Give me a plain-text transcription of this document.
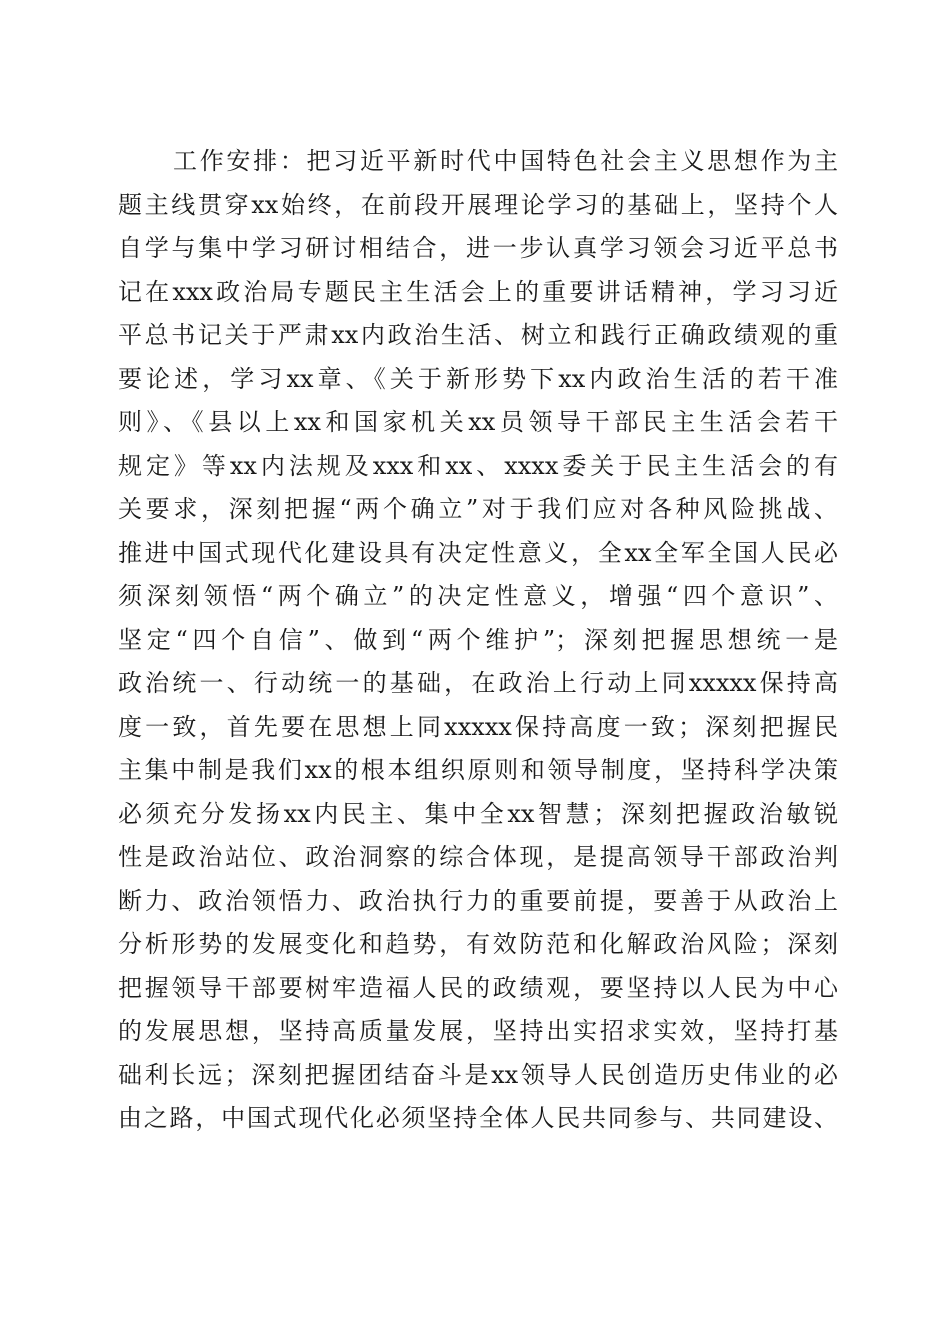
工作安排：把习近平新时代中国特色社会主义思想作为主
题主线贯穿xx始终，在前段开展理论学习的基础上，坚持个人
自学与集中学习研讨相结合，进一步认真学习领会习近平总书
记在xxx政治局专题民主生活会上的重要讲话精神，学习习近
平总书记关于严肃xx内政治生活、树立和践行正确政绩观的重
要论述，学习xx章、《关于新形势下xx内政治生活的若干准
则》、《县以上xx和国家机关xx员领导干部民主生活会若干
规定》等xx内法规及xxx和xx、xxxx委关于民主生活会的有
关要求，深刻把握“两个确立”对于我们应对各种风险挑战、
推进中国式现代化建设具有决定性意义，全xx全军全国人民必
须深刻领悟“两个确立”的决定性意义，增强“四个意识”、
坚定“四个自信”、做到“两个维护”；深刻把握思想统一是
政治统一、行动统一的基础，在政治上行动上同xxxxx保持高
度一致，首先要在思想上同xxxxx保持高度一致；深刻把握民
主集中制是我们xx的根本组织原则和领导制度，坚持科学决策
必须充分发扬xx内民主、集中全xx智慧；深刻把握政治敏锐
性是政治站位、政治洞察的综合体现，是提高领导干部政治判
断力、政治领悟力、政治执行力的重要前提，要善于从政治上
分析形势的发展变化和趋势，有效防范和化解政治风险；深刻
把握领导干部要树牢造福人民的政绩观，要坚持以人民为中心
的发展思想，坚持高质量发展，坚持出实招求实效，坚持打基
础利长远；深刻把握团结奋斗是xx领导人民创造历史伟业的必
由之路，中国式现代化必须坚持全体人民共同参与、共同建设、
